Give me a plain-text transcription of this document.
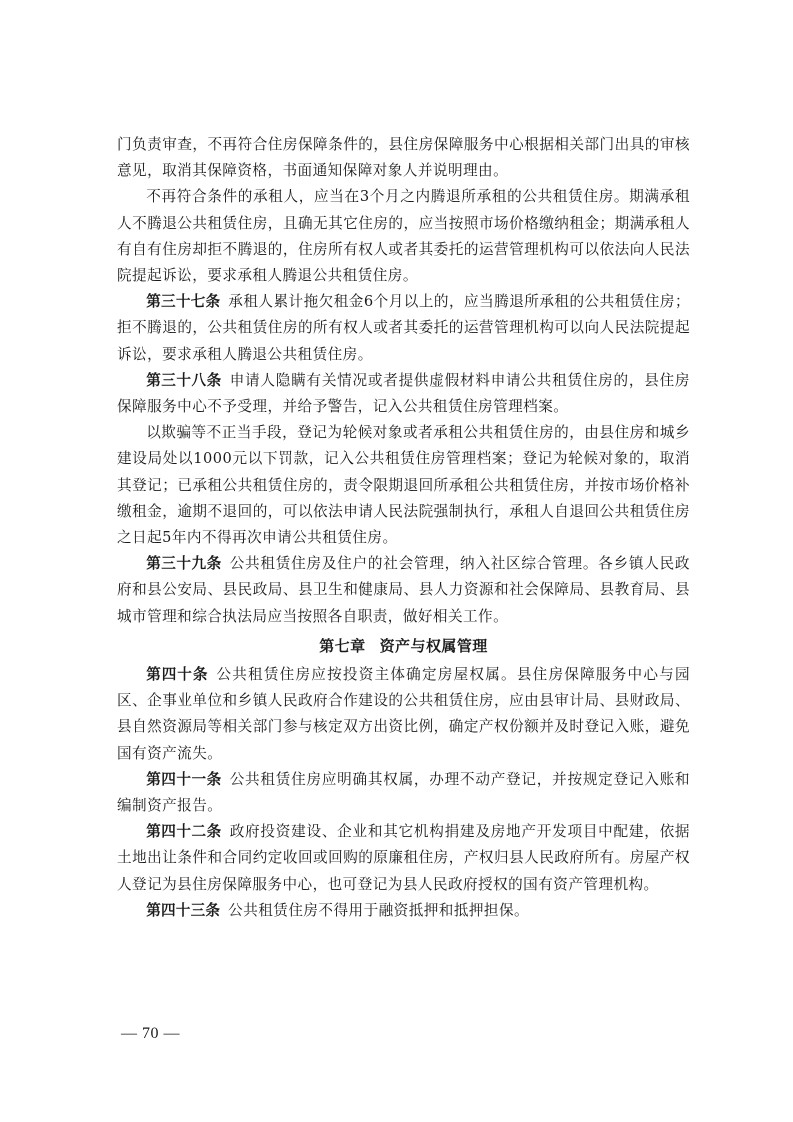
门负责审查，不再符合住房保障条件的，县住房保障服务中心根据相关部门出具的审核意见，取消其保障资格，书面通知保障对象人并说明理由。

不再符合条件的承租人，应当在3个月之内腾退所承租的公共租赁住房。期满承租人不腾退公共租赁住房，且确无其它住房的，应当按照市场价格缴纳租金；期满承租人有自有住房却拒不腾退的，住房所有权人或者其委托的运营管理机构可以依法向人民法院提起诉讼，要求承租人腾退公共租赁住房。

第三十七条 承租人累计拖欠租金6个月以上的，应当腾退所承租的公共租赁住房；拒不腾退的，公共租赁住房的所有权人或者其委托的运营管理机构可以向人民法院提起诉讼，要求承租人腾退公共租赁住房。

第三十八条 申请人隐瞒有关情况或者提供虚假材料申请公共租赁住房的，县住房保障服务中心不予受理，并给予警告，记入公共租赁住房管理档案。

以欺骗等不正当手段，登记为轮候对象或者承租公共租赁住房的，由县住房和城乡建设局处以1000元以下罚款，记入公共租赁住房管理档案；登记为轮候对象的，取消其登记；已承租公共租赁住房的，责令限期退回所承租公共租赁住房，并按市场价格补缴租金，逾期不退回的，可以依法申请人民法院强制执行，承租人自退回公共租赁住房之日起5年内不得再次申请公共租赁住房。

第三十九条 公共租赁住房及住户的社会管理，纳入社区综合管理。各乡镇人民政府和县公安局、县民政局、县卫生和健康局、县人力资源和社会保障局、县教育局、县城市管理和综合执法局应当按照各自职责，做好相关工作。

第七章 资产与权属管理

第四十条 公共租赁住房应按投资主体确定房屋权属。县住房保障服务中心与园区、企事业单位和乡镇人民政府合作建设的公共租赁住房，应由县审计局、县财政局、县自然资源局等相关部门参与核定双方出资比例，确定产权份额并及时登记入账，避免国有资产流失。

第四十一条 公共租赁住房应明确其权属，办理不动产登记，并按规定登记入账和编制资产报告。

第四十二条 政府投资建设、企业和其它机构捐建及房地产开发项目中配建，依据土地出让条件和合同约定收回或回购的原廉租住房，产权归县人民政府所有。房屋产权人登记为县住房保障服务中心，也可登记为县人民政府授权的国有资产管理机构。

第四十三条 公共租赁住房不得用于融资抵押和抵押担保。

— 70 —
